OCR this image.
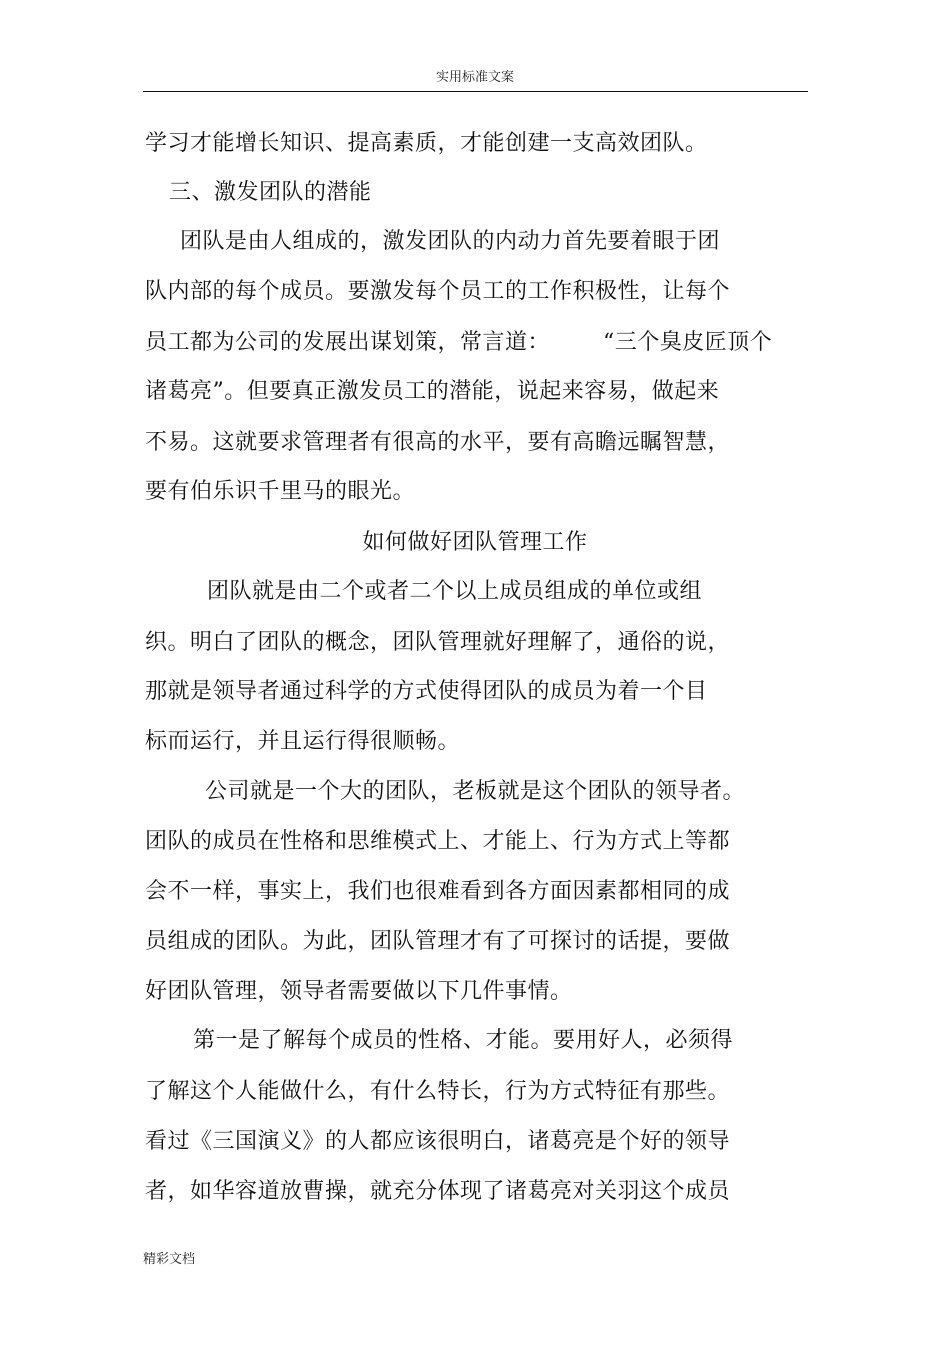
实用标准文案
学习才能增长知识、提高素质，才能创建一支高效团队。
三、激发团队的潜能
团队是由人组成的，激发团队的内动力首先要着眼于团
队内部的每个成员。要激发每个员工的工作积极性，让每个
员工都为公司的发展出谋划策，常言道： “三个臭皮匠顶个
诸葛亮”。但要真正激发员工的潜能，说起来容易，做起来
不易。这就要求管理者有很高的水平，要有高瞻远瞩智慧，
要有伯乐识千里马的眼光。
如何做好团队管理工作
团队就是由二个或者二个以上成员组成的单位或组
织。明白了团队的概念，团队管理就好理解了，通俗的说，
那就是领导者通过科学的方式使得团队的成员为着一个目
标而运行，并且运行得很顺畅。
公司就是一个大的团队，老板就是这个团队的领导者。
团队的成员在性格和思维模式上、才能上、行为方式上等都
会不一样，事实上，我们也很难看到各方面因素都相同的成
员组成的团队。为此，团队管理才有了可探讨的话提，要做
好团队管理，领导者需要做以下几件事情。
第一是了解每个成员的性格、才能。要用好人，必须得
了解这个人能做什么，有什么特长，行为方式特征有那些。
看过《三国演义》的人都应该很明白，诸葛亮是个好的领导
者，如华容道放曹操，就充分体现了诸葛亮对关羽这个成员
精彩文档
